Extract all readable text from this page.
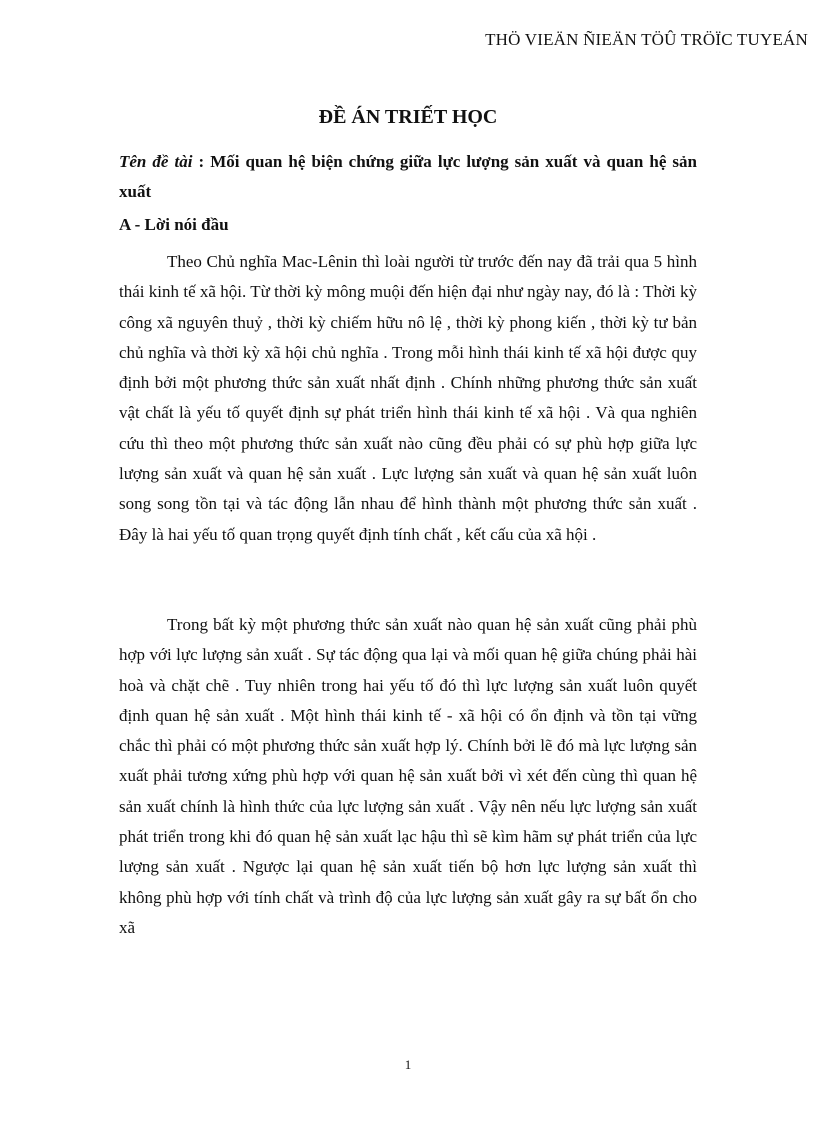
THÖ VIEÄN ÑIEÄN TÖÛ TRÖÏC TUYEÁN
ĐỀ ÁN TRIẾT HỌC
Tên đề tài : Mối quan hệ biện chứng giữa lực lượng sản xuất và quan hệ sản xuất
A - Lời nói đầu

Theo Chủ nghĩa Mac-Lênin thì loài người từ trước đến nay đã trải qua 5 hình thái kinh tế xã hội. Từ thời kỳ mông muội đến hiện đại như ngày nay, đó là : Thời kỳ công xã nguyên thuỷ , thời kỳ chiếm hữu nô lệ , thời kỳ phong kiến , thời kỳ tư bản chủ nghĩa và thời kỳ xã hội chủ nghĩa . Trong mỗi hình thái kinh tế xã hội được quy định bởi một phương thức sản xuất nhất định . Chính những phương thức sản xuất vật chất là yếu tố quyết định sự phát triển hình thái kinh tế xã hội . Và qua nghiên cứu thì theo một phương thức sản xuất nào cũng đều phải có sự phù hợp giữa lực lượng sản xuất và quan hệ sản xuất . Lực lượng sản xuất và quan hệ sản xuất luôn song song tồn tại và tác động lẫn nhau để hình thành một phương thức sản xuất . Đây là hai yếu tố quan trọng quyết định tính chất , kết cấu của xã hội .

Trong bất kỳ một phương thức sản xuất nào quan hệ sản xuất cũng phải phù hợp với lực lượng sản xuất . Sự tác động qua lại và mối quan hệ giữa chúng phải hài hoà và chặt chẽ . Tuy nhiên trong hai yếu tố đó thì lực lượng sản xuất luôn quyết định quan hệ sản xuất . Một hình thái kinh tế - xã hội có ổn định và tồn tại vững chắc thì phải có một phương thức sản xuất hợp lý. Chính bởi lẽ đó mà lực lượng sản xuất phải tương xứng phù hợp với quan hệ sản xuất bởi vì xét đến cùng thì quan hệ sản xuất chính là hình thức của lực lượng sản xuất . Vậy nên nếu lực lượng sản xuất phát triển trong khi đó quan hệ sản xuất lạc hậu thì sẽ kìm hãm sự phát triển của lực lượng sản xuất . Ngược lại quan hệ sản xuất tiến bộ hơn lực lượng sản xuất thì không phù hợp với tính chất và trình độ của lực lượng sản xuất gây ra sự bất ổn cho xã

1
